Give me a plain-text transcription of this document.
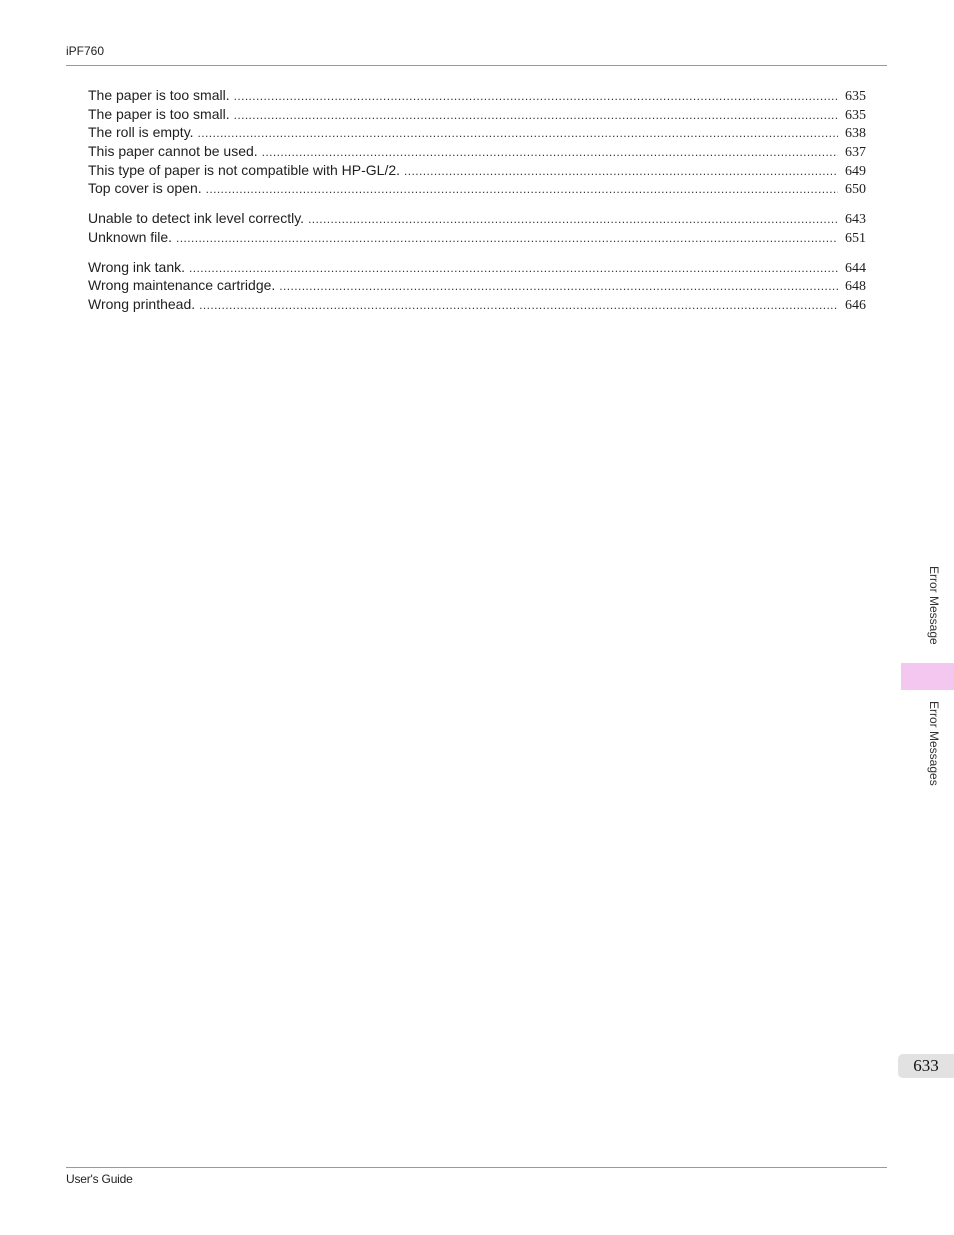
iPF760
The paper is too small. .....	635
The paper is too small. .....	635
The roll is empty. .....	638
This paper cannot be used. .....	637
This type of paper is not compatible with HP-GL/2. .....	649
Top cover is open. .....	650
Unable to detect ink level correctly. .....	643
Unknown file. .....	651
Wrong ink tank. .....	644
Wrong maintenance cartridge. .....	648
Wrong printhead. .....	646
Error Message
Error Messages
633
User's Guide
